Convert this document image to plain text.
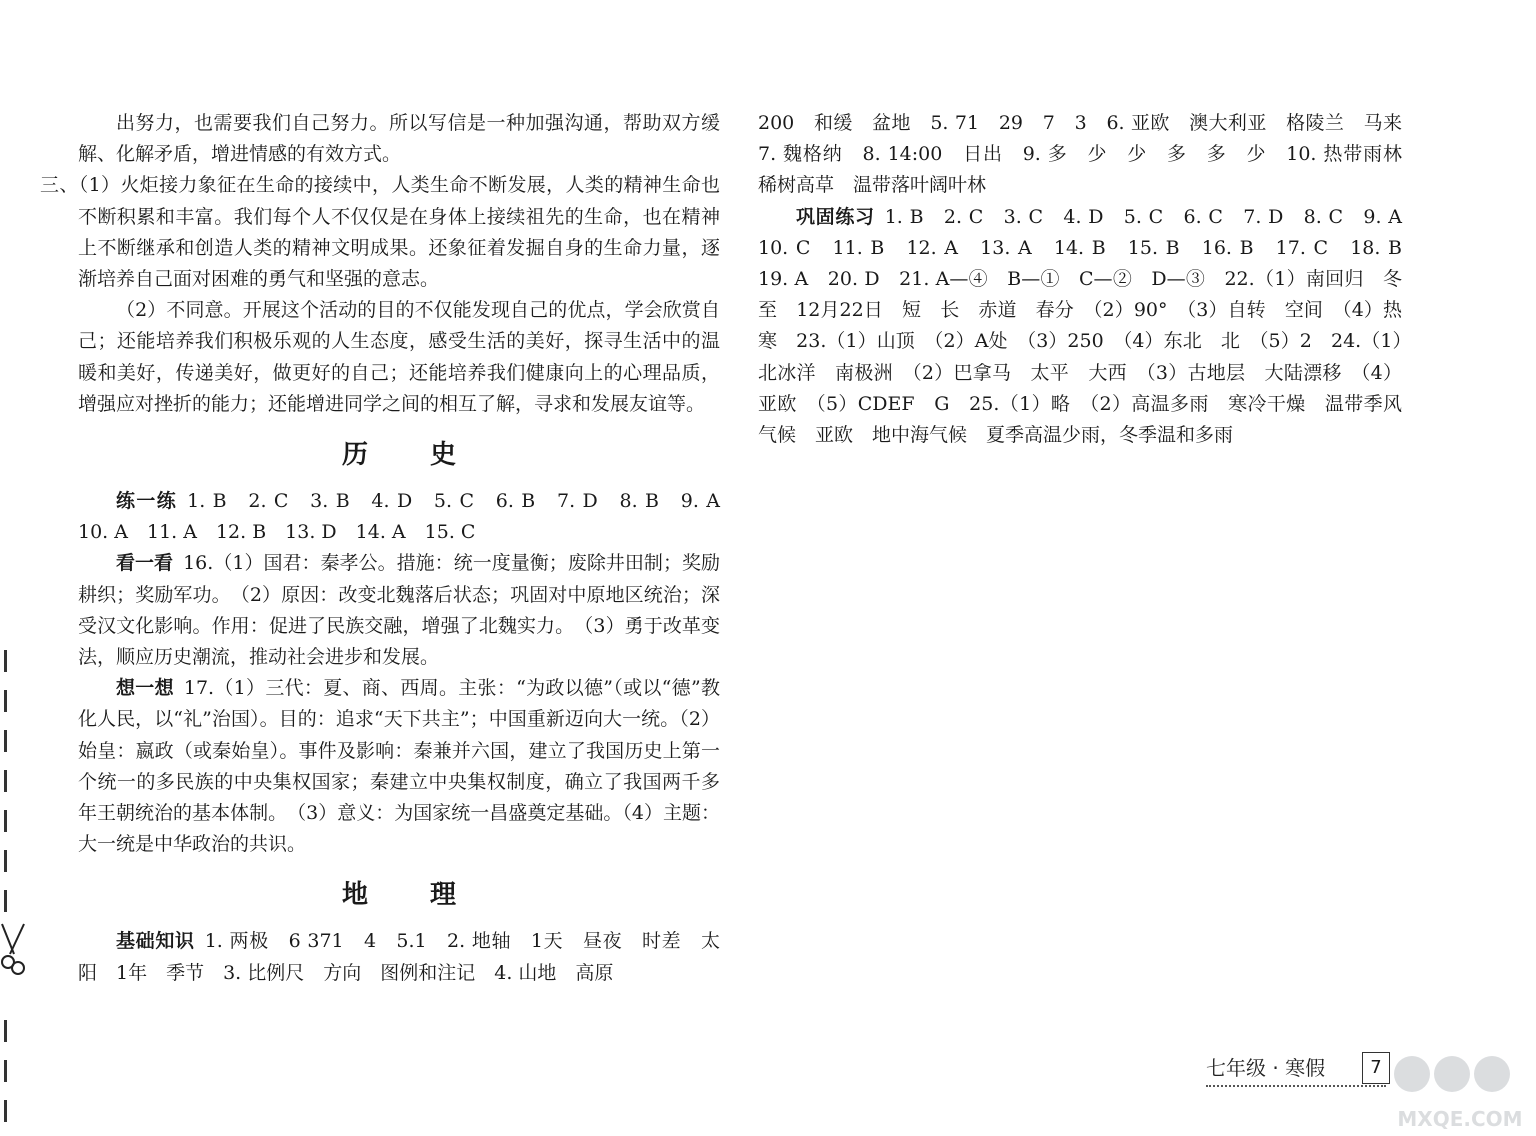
出努力，也需要我们自己努力。所以写信是一种加强沟通，帮助双方缓解、化解矛盾，增进情感的有效方式。

三、（1）火炬接力象征在生命的接续中，人类生命不断发展，人类的精神生命也不断积累和丰富。我们每个人不仅仅是在身体上接续祖先的生命，也在精神上不断继承和创造人类的精神文明成果。还象征着发掘自身的生命力量，逐渐培养自己面对困难的勇气和坚强的意志。

（2）不同意。开展这个活动的目的不仅能发现自己的优点，学会欣赏自己；还能培养我们积极乐观的人生态度，感受生活的美好，探寻生活中的温暖和美好，传递美好，做更好的自己；还能培养我们健康向上的心理品质，增强应对挫折的能力；还能增进同学之间的相互了解，寻求和发展友谊等。

历史

练一练 1. B　2. C　3. B　4. D　5. C　6. B　7. D　8. B　9. A　10. A　11. A　12. B　13. D　14. A　15. C

看一看 16.（1）国君：秦孝公。措施：统一度量衡；废除井田制；奖励耕织；奖励军功。　（2）原因：改变北魏落后状态；巩固对中原地区统治；深受汉文化影响。作用：促进了民族交融，增强了北魏实力。　（3）勇于改革变法，顺应历史潮流，推动社会进步和发展。

想一想 17.（1）三代：夏、商、西周。主张：“为政以德”（或以“德”教化人民，以“礼”治国）。目的：追求“天下共主”；中国重新迈向大一统。（2）始皇：嬴政（或秦始皇）。事件及影响：秦兼并六国，建立了我国历史上第一个统一的多民族的中央集权国家；秦建立中央集权制度，确立了我国两千多年王朝统治的基本体制。　（3）意义：为国家统一昌盛奠定基础。（4）主题：大一统是中华政治的共识。

地理

基础知识 1. 两极　6 371　4　5.1　2. 地轴　1天　昼夜　时差　太阳　1年　季节　3. 比例尺　方向　图例和注记　4. 山地　高原

200　和缓　盆地　5. 71　29　7　3　6. 亚欧　澳大利亚　格陵兰　马来　7. 魏格纳　8. 14:00　日出　9. 多　少　少　多　多　少　10. 热带雨林　稀树高草　温带落叶阔叶林

巩固练习 1. B　2. C　3. C　4. D　5. C　6. C　7. D　8. C　9. A　10. C　11. B　12. A　13. A　14. B　15. B　16. B　17. C　18. B　19. A　20. D　21. A—④　B—①　C—②　D—③　22.（1）南回归　冬至　12月22日　短　长　赤道　春分　（2）90°　（3）自转　空间　（4）热　寒　23.（1）山顶　（2）A处　（3）250　（4）东北　北　（5）2　24.（1）北冰洋　南极洲　（2）巴拿马　太平　大西　（3）古地层　大陆漂移　（4）亚欧　（5）CDEF　G　25.（1）略　（2）高温多雨　寒冷干燥　温带季风气候　亚欧　地中海气候　夏季高温少雨，冬季温和多雨

七年级 · 寒假	7
MXQE.COM
